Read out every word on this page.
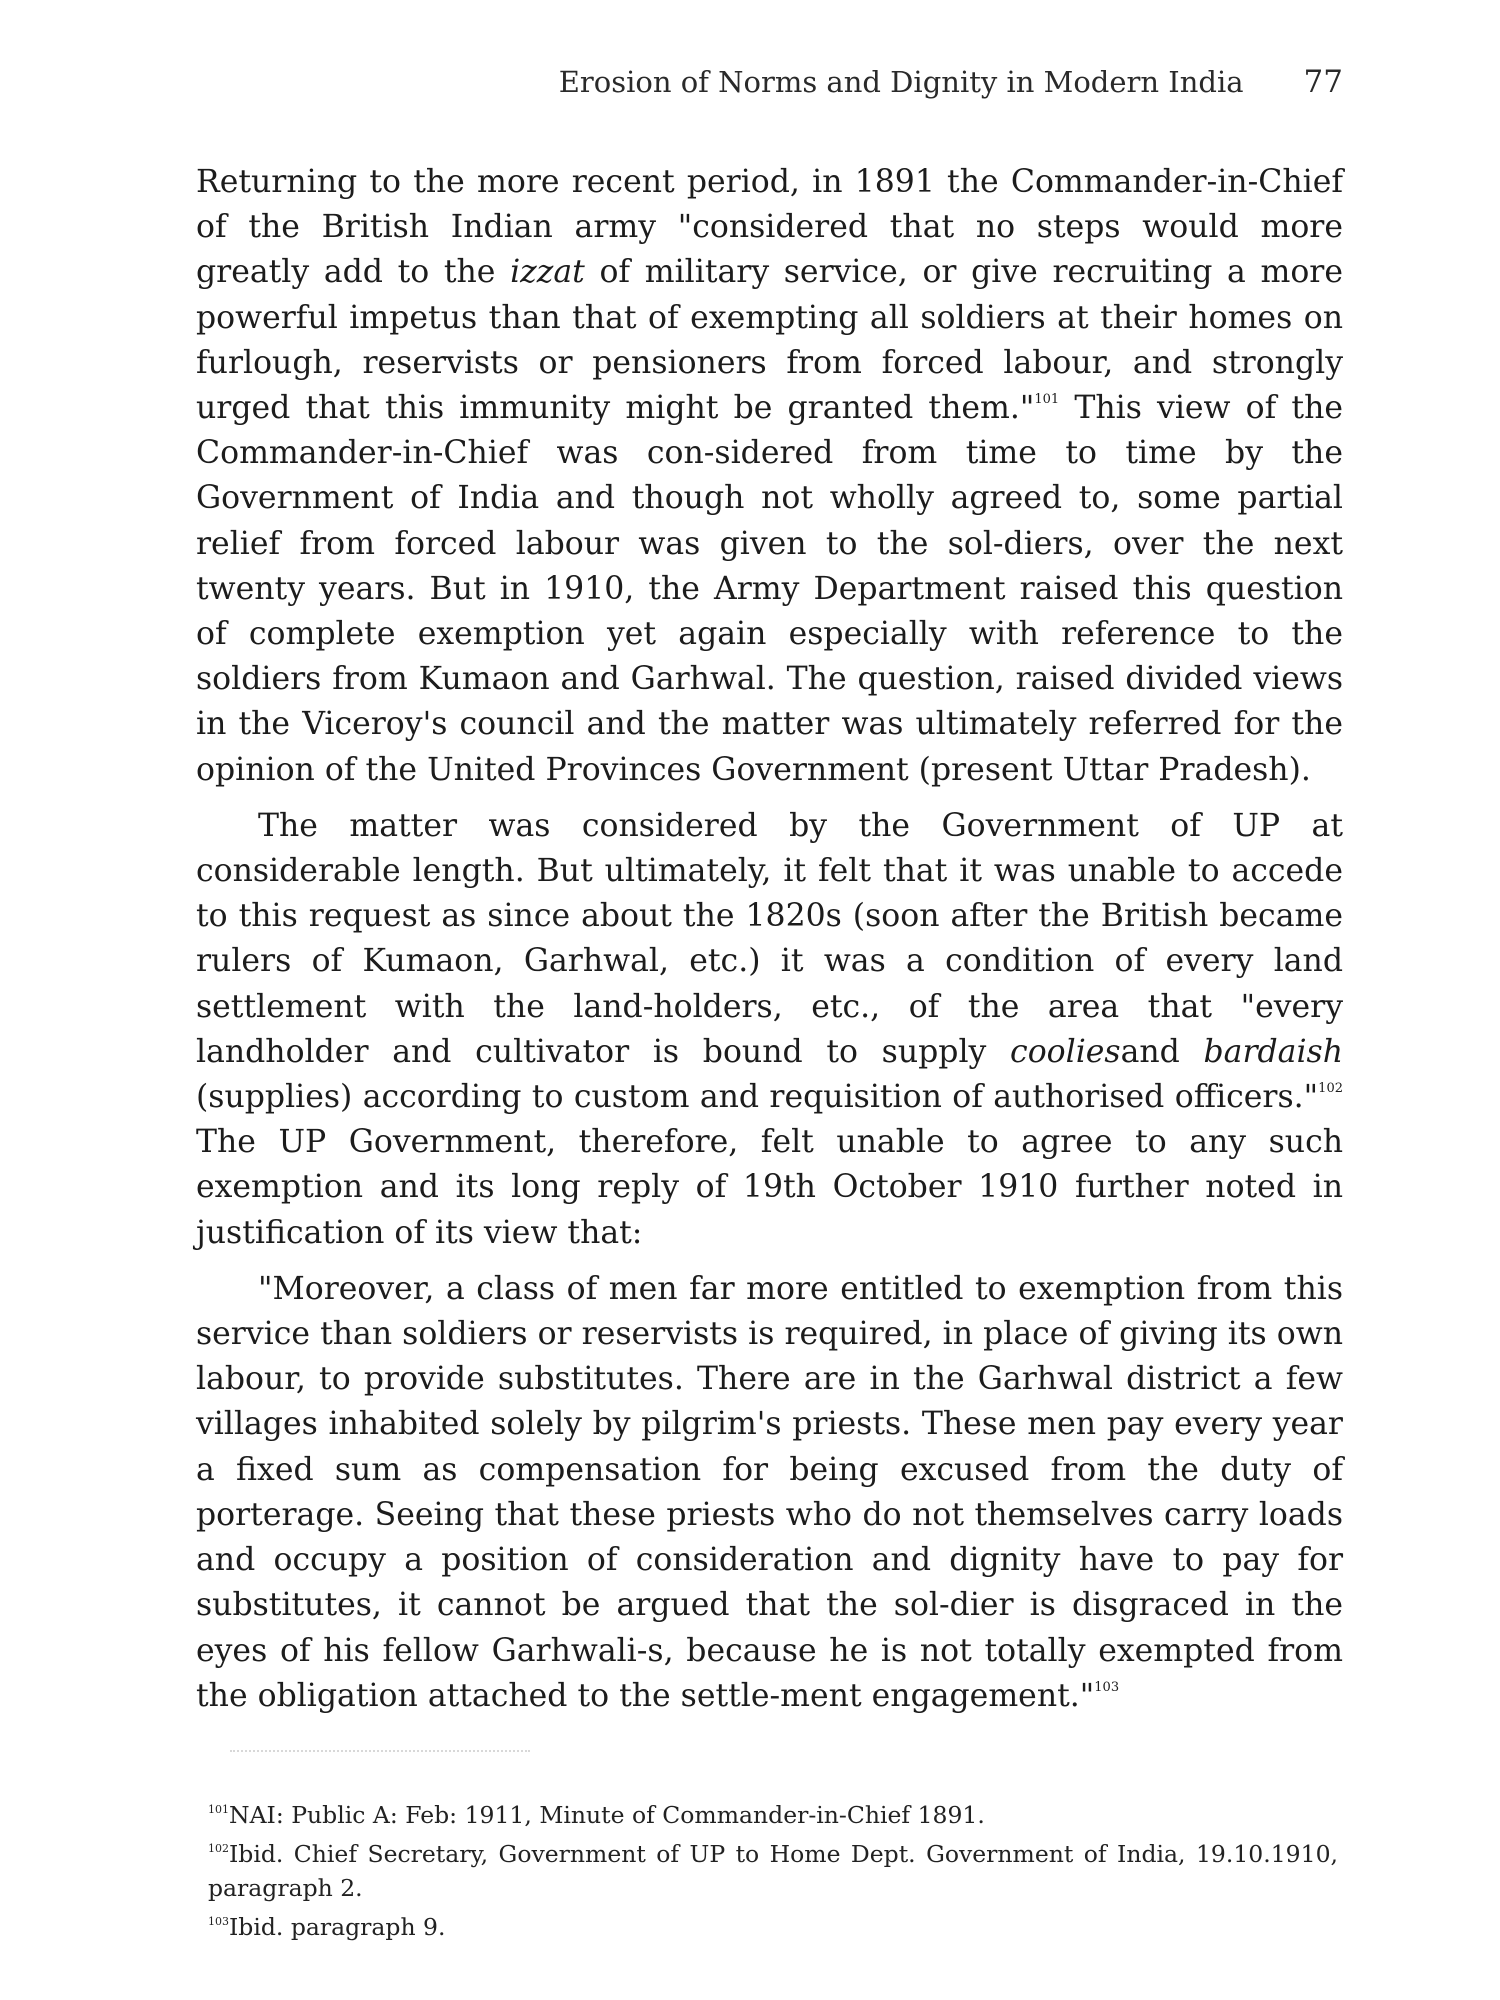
Erosion of Norms and Dignity in Modern India 77

Returning to the more recent period, in 1891 the Commander-in-Chief of the British Indian army "considered that no steps would more greatly add to the izzat of military service, or give recruiting a more powerful impetus than that of exempting all soldiers at their homes on furlough, reservists or pensioners from forced labour, and strongly urged that this immunity might be granted them."$^{101}$ This view of the Commander-in-Chief was con-sidered from time to time by the Government of India and though not wholly agreed to, some partial relief from forced labour was given to the sol-diers, over the next twenty years. But in 1910, the Army Department raised this question of complete exemption yet again especially with reference to the soldiers from Kumaon and Garhwal. The question, raised divided views in the Viceroy's council and the matter was ultimately referred for the opinion of the United Provinces Government (present Uttar Pradesh).

The matter was considered by the Government of UP at considerable length. But ultimately, it felt that it was unable to accede to this request as since about the 1820s (soon after the British became rulers of Kumaon, Garhwal, etc.) it was a condition of every land settlement with the land-holders, etc., of the area that "every landholder and cultivator is bound to supply cooliesand bardaish (supplies) according to custom and requisition of authorised officers."$^{102}$ The UP Government, therefore, felt unable to agree to any such exemption and its long reply of 19th October 1910 further noted in justification of its view that:

"Moreover, a class of men far more entitled to exemption from this service than soldiers or reservists is required, in place of giving its own labour, to provide substitutes. There are in the Garhwal district a few villages inhabited solely by pilgrim's priests. These men pay every year a fixed sum as compensation for being excused from the duty of porterage. Seeing that these priests who do not themselves carry loads and occupy a position of consideration and dignity have to pay for substitutes, it cannot be argued that the sol-dier is disgraced in the eyes of his fellow Garhwali-s, because he is not totally exempted from the obligation attached to the settle-ment engagement."$^{103}$

$^{101}$NAI: Public A: Feb: 1911, Minute of Commander-in-Chief 1891.

$^{102}$Ibid. Chief Secretary, Government of UP to Home Dept. Government of India, 19.10.1910, paragraph 2.

$^{103}$Ibid. paragraph 9.
